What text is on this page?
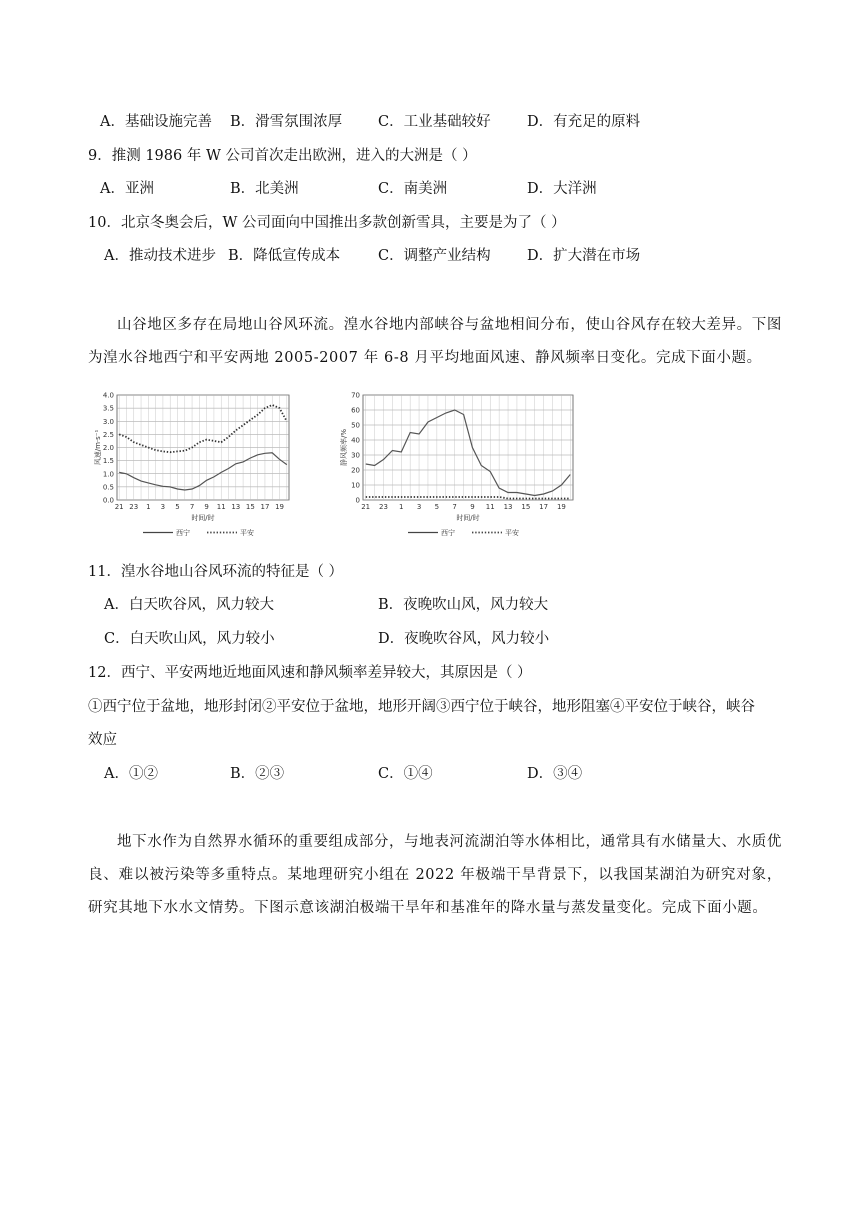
A．基础设施完善 B．滑雪氛围浓厚 C．工业基础较好	D．有充足的原料
9．推测 1986 年 W 公司首次走出欧洲，进入的大洲是（ ）
A．亚洲	B．北美洲	C．南美洲	D．大洋洲
10．北京冬奥会后，W 公司面向中国推出多款创新雪具，主要是为了（ ）
A．推动技术进步 B．降低宣传成本	C．调整产业结构	D．扩大潜在市场

山谷地区多存在局地山谷风环流。湟水谷地内部峡谷与盆地相间分布，使山谷风存在较大差异。下图为湟水谷地西宁和平安两地 2005-2007 年 6-8 月平均地面风速、静风频率日变化。完成下面小题。

0.0
0.5
1.0
1.5
2.0
2.5
3.0
3.5
4.0
21 23 1 3 5 7 9 11 13 15 17 19
时间/时
风速/m·s⁻¹
西宁	平安
0
10
20
30
40
50
60
70
21 23 1 3 5 7 9 11 13 15 17 19
时间/时
静风频率/%
西宁	平安
11．湟水谷地山谷风环流的特征是（ ）
A．白天吹谷风，风力较大	B．夜晚吹山风，风力较大
C．白天吹山风，风力较小	D．夜晚吹谷风，风力较小
12．西宁、平安两地近地面风速和静风频率差异较大，其原因是（ ）
①西宁位于盆地，地形封闭②平安位于盆地，地形开阔③西宁位于峡谷，地形阻塞④平安位于峡谷，峡谷
效应
A．①②	B．②③	C．①④	D．③④

地下水作为自然界水循环的重要组成部分，与地表河流湖泊等水体相比，通常具有水储量大、水质优良、难以被污染等多重特点。某地理研究小组在 2022 年极端干旱背景下，以我国某湖泊为研究对象，研究其地下水水文情势。下图示意该湖泊极端干旱年和基准年的降水量与蒸发量变化。完成下面小题。
